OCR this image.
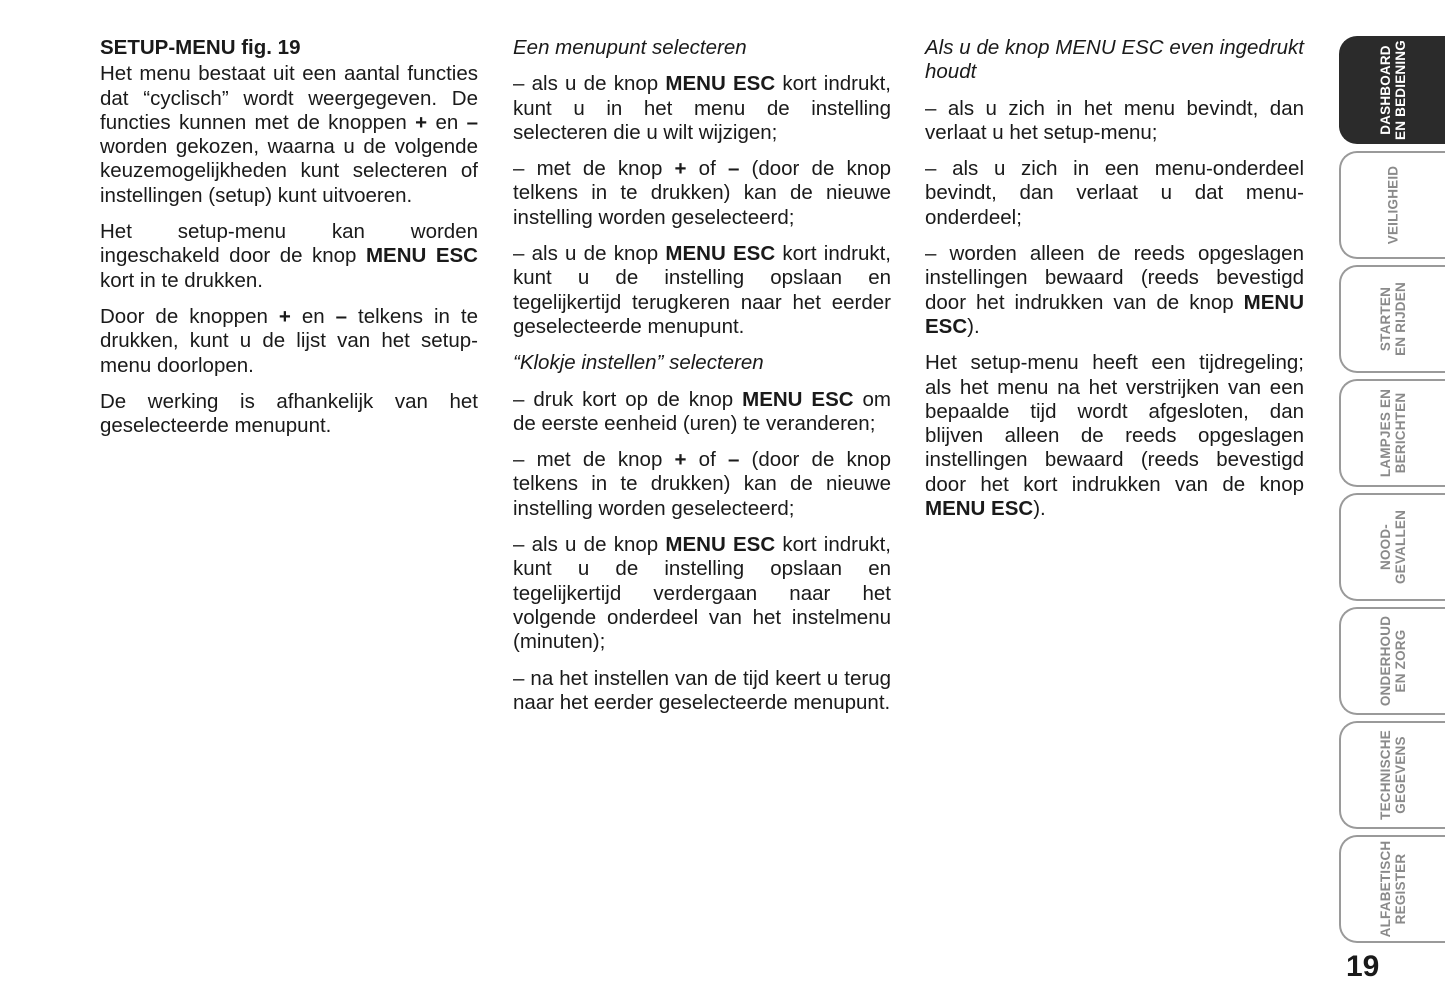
SETUP-MENU fig. 19

Het menu bestaat uit een aantal functies dat “cyclisch” wordt weergegeven. De functies kunnen met de knoppen + en – worden gekozen, waarna u de volgende keuzemogelijkheden kunt selecteren of instellingen (setup) kunt uitvoeren.

Het setup-menu kan worden ingeschakeld door de knop MENU ESC kort in te drukken.

Door de knoppen + en – telkens in te drukken, kunt u de lijst van het setup-menu doorlopen.

De werking is afhankelijk van het geselecteerde menupunt.

Een menupunt selecteren

– als u de knop MENU ESC kort indrukt, kunt u in het menu de instelling selecteren die u wilt wijzigen;

– met de knop + of – (door de knop telkens in te drukken) kan de nieuwe instelling worden geselecteerd;

– als u de knop MENU ESC kort indrukt, kunt u de instelling opslaan en tegelijkertijd terugkeren naar het eerder geselecteerde menupunt.

“Klokje instellen” selecteren

– druk kort op de knop MENU ESC om de eerste eenheid (uren) te veranderen;

– met de knop + of – (door de knop telkens in te drukken) kan de nieuwe instelling worden geselecteerd;

– als u de knop MENU ESC kort indrukt, kunt u de instelling opslaan en tegelijkertijd verdergaan naar het volgende onderdeel van het instelmenu (minuten);

– na het instellen van de tijd keert u terug naar het eerder geselecteerde menupunt.

Als u de knop MENU ESC even ingedrukt houdt

– als u zich in het menu bevindt, dan verlaat u het setup-menu;

– als u zich in een menu-onderdeel bevindt, dan verlaat u dat menu-onderdeel;

– worden alleen de reeds opgeslagen instellingen bewaard (reeds bevestigd door het indrukken van de knop MENU ESC).

Het setup-menu heeft een tijdregeling; als het menu na het verstrijken van een bepaalde tijd wordt afgesloten, dan blijven alleen de reeds opgeslagen instellingen bewaard (reeds bevestigd door het kort indrukken van de knop MENU ESC).

DASHBOARD EN BEDIENING
VEILIGHEID
STARTEN EN RIJDEN
LAMPJES EN BERICHTEN
NOOD- GEVALLEN
ONDERHOUD EN ZORG
TECHNISCHE GEGEVENS
ALFABETISCH REGISTER
19
